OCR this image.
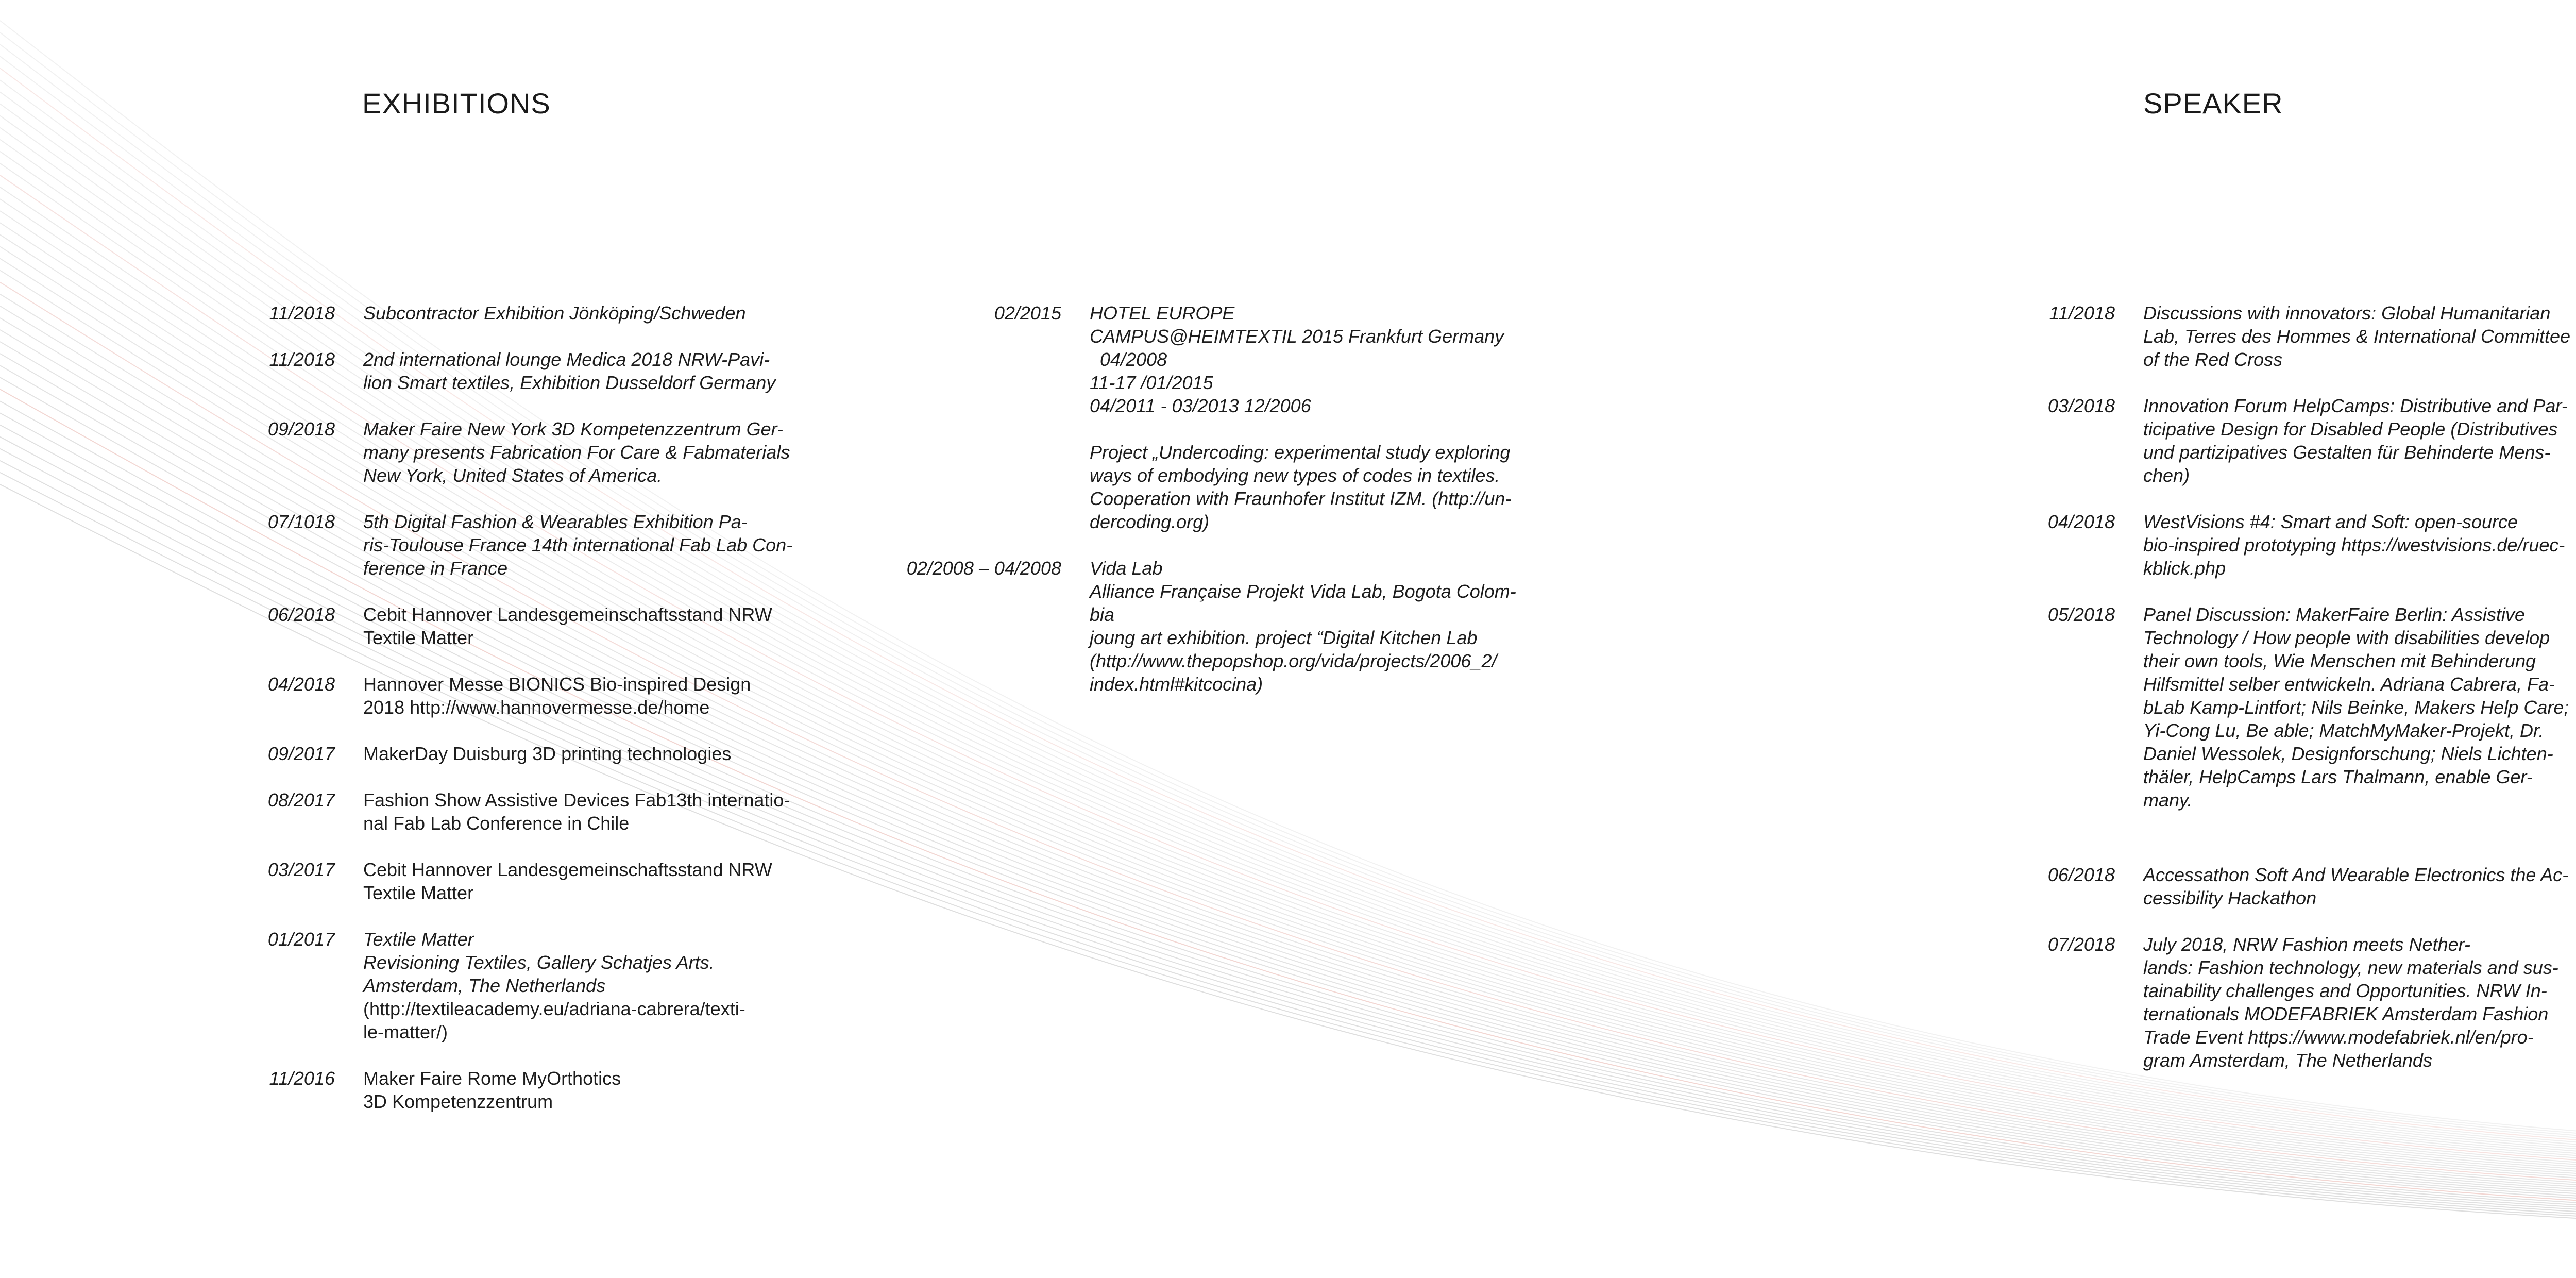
EXHIBITIONS	SPEAKER
11/2018 Subcontractor Exhibition Jönköping/Schweden
11/2018 2nd international lounge Medica 2018 NRW-Pavi-
lion Smart textiles, Exhibition Dusseldorf Germany
09/2018 Maker Faire New York 3D Kompetenzzentrum Ger-
many presents Fabrication For Care & Fabmaterials
New York, United States of America.
07/1018 5th Digital Fashion & Wearables Exhibition Pa-
ris-Toulouse France 14th international Fab Lab Con-
ference in France
06/2018 Cebit Hannover Landesgemeinschaftsstand NRW
Textile Matter
04/2018 Hannover Messe BIONICS Bio-inspired Design
2018 http://www.hannovermesse.de/home
09/2017 MakerDay Duisburg 3D printing technologies
08/2017 Fashion Show Assistive Devices Fab13th internatio-
nal Fab Lab Conference in Chile
03/2017 Cebit Hannover Landesgemeinschaftsstand NRW
Textile Matter
01/2017 Textile Matter
Revisioning Textiles, Gallery Schatjes Arts.
Amsterdam, The Netherlands
(http://textileacademy.eu/adriana-cabrera/texti-
le-matter/)
11/2016 Maker Faire Rome MyOrthotics
3D Kompetenzzentrum
02/2015 HOTEL EUROPE
CAMPUS@HEIMTEXTIL 2015 Frankfurt Germany
04/2008
11-17 /01/2015
04/2011 - 03/2013 12/2006

Project „Undercoding: experimental study exploring
ways of embodying new types of codes in textiles.
Cooperation with Fraunhofer Institut IZM. (http://un-
dercoding.org)
02/2008 – 04/2008 Vida Lab
Alliance Française Projekt Vida Lab, Bogota Colom-
bia
joung art exhibition. project “Digital Kitchen Lab
(http://www.thepopshop.org/vida/projects/2006_2/
index.html#kitcocina)
11/2018 Discussions with innovators: Global Humanitarian
Lab, Terres des Hommes & International Committee
of the Red Cross
03/2018 Innovation Forum HelpCamps: Distributive and Par-
ticipative Design for Disabled People (Distributives
und partizipatives Gestalten für Behinderte Mens-
chen)
04/2018 WestVisions #4: Smart and Soft: open-source
bio-inspired prototyping https://westvisions.de/ruec-
kblick.php
05/2018 Panel Discussion: MakerFaire Berlin: Assistive
Technology / How people with disabilities develop
their own tools, Wie Menschen mit Behinderung
Hilfsmittel selber entwickeln. Adriana Cabrera, Fa-
bLab Kamp-Lintfort; Nils Beinke, Makers Help Care;
Yi-Cong Lu, Be able; MatchMyMaker-Projekt, Dr.
Daniel Wessolek, Designforschung; Niels Lichten-
thäler, HelpCamps Lars Thalmann, enable Ger-
many.
06/2018 Accessathon Soft And Wearable Electronics the Ac-
cessibility Hackathon
07/2018 July 2018, NRW Fashion meets Nether-
lands: Fashion technology, new materials and sus-
tainability challenges and Opportunities. NRW In-
ternationals MODEFABRIEK Amsterdam Fashion
Trade Event https://www.modefabriek.nl/en/pro-
gram Amsterdam, The Netherlands
